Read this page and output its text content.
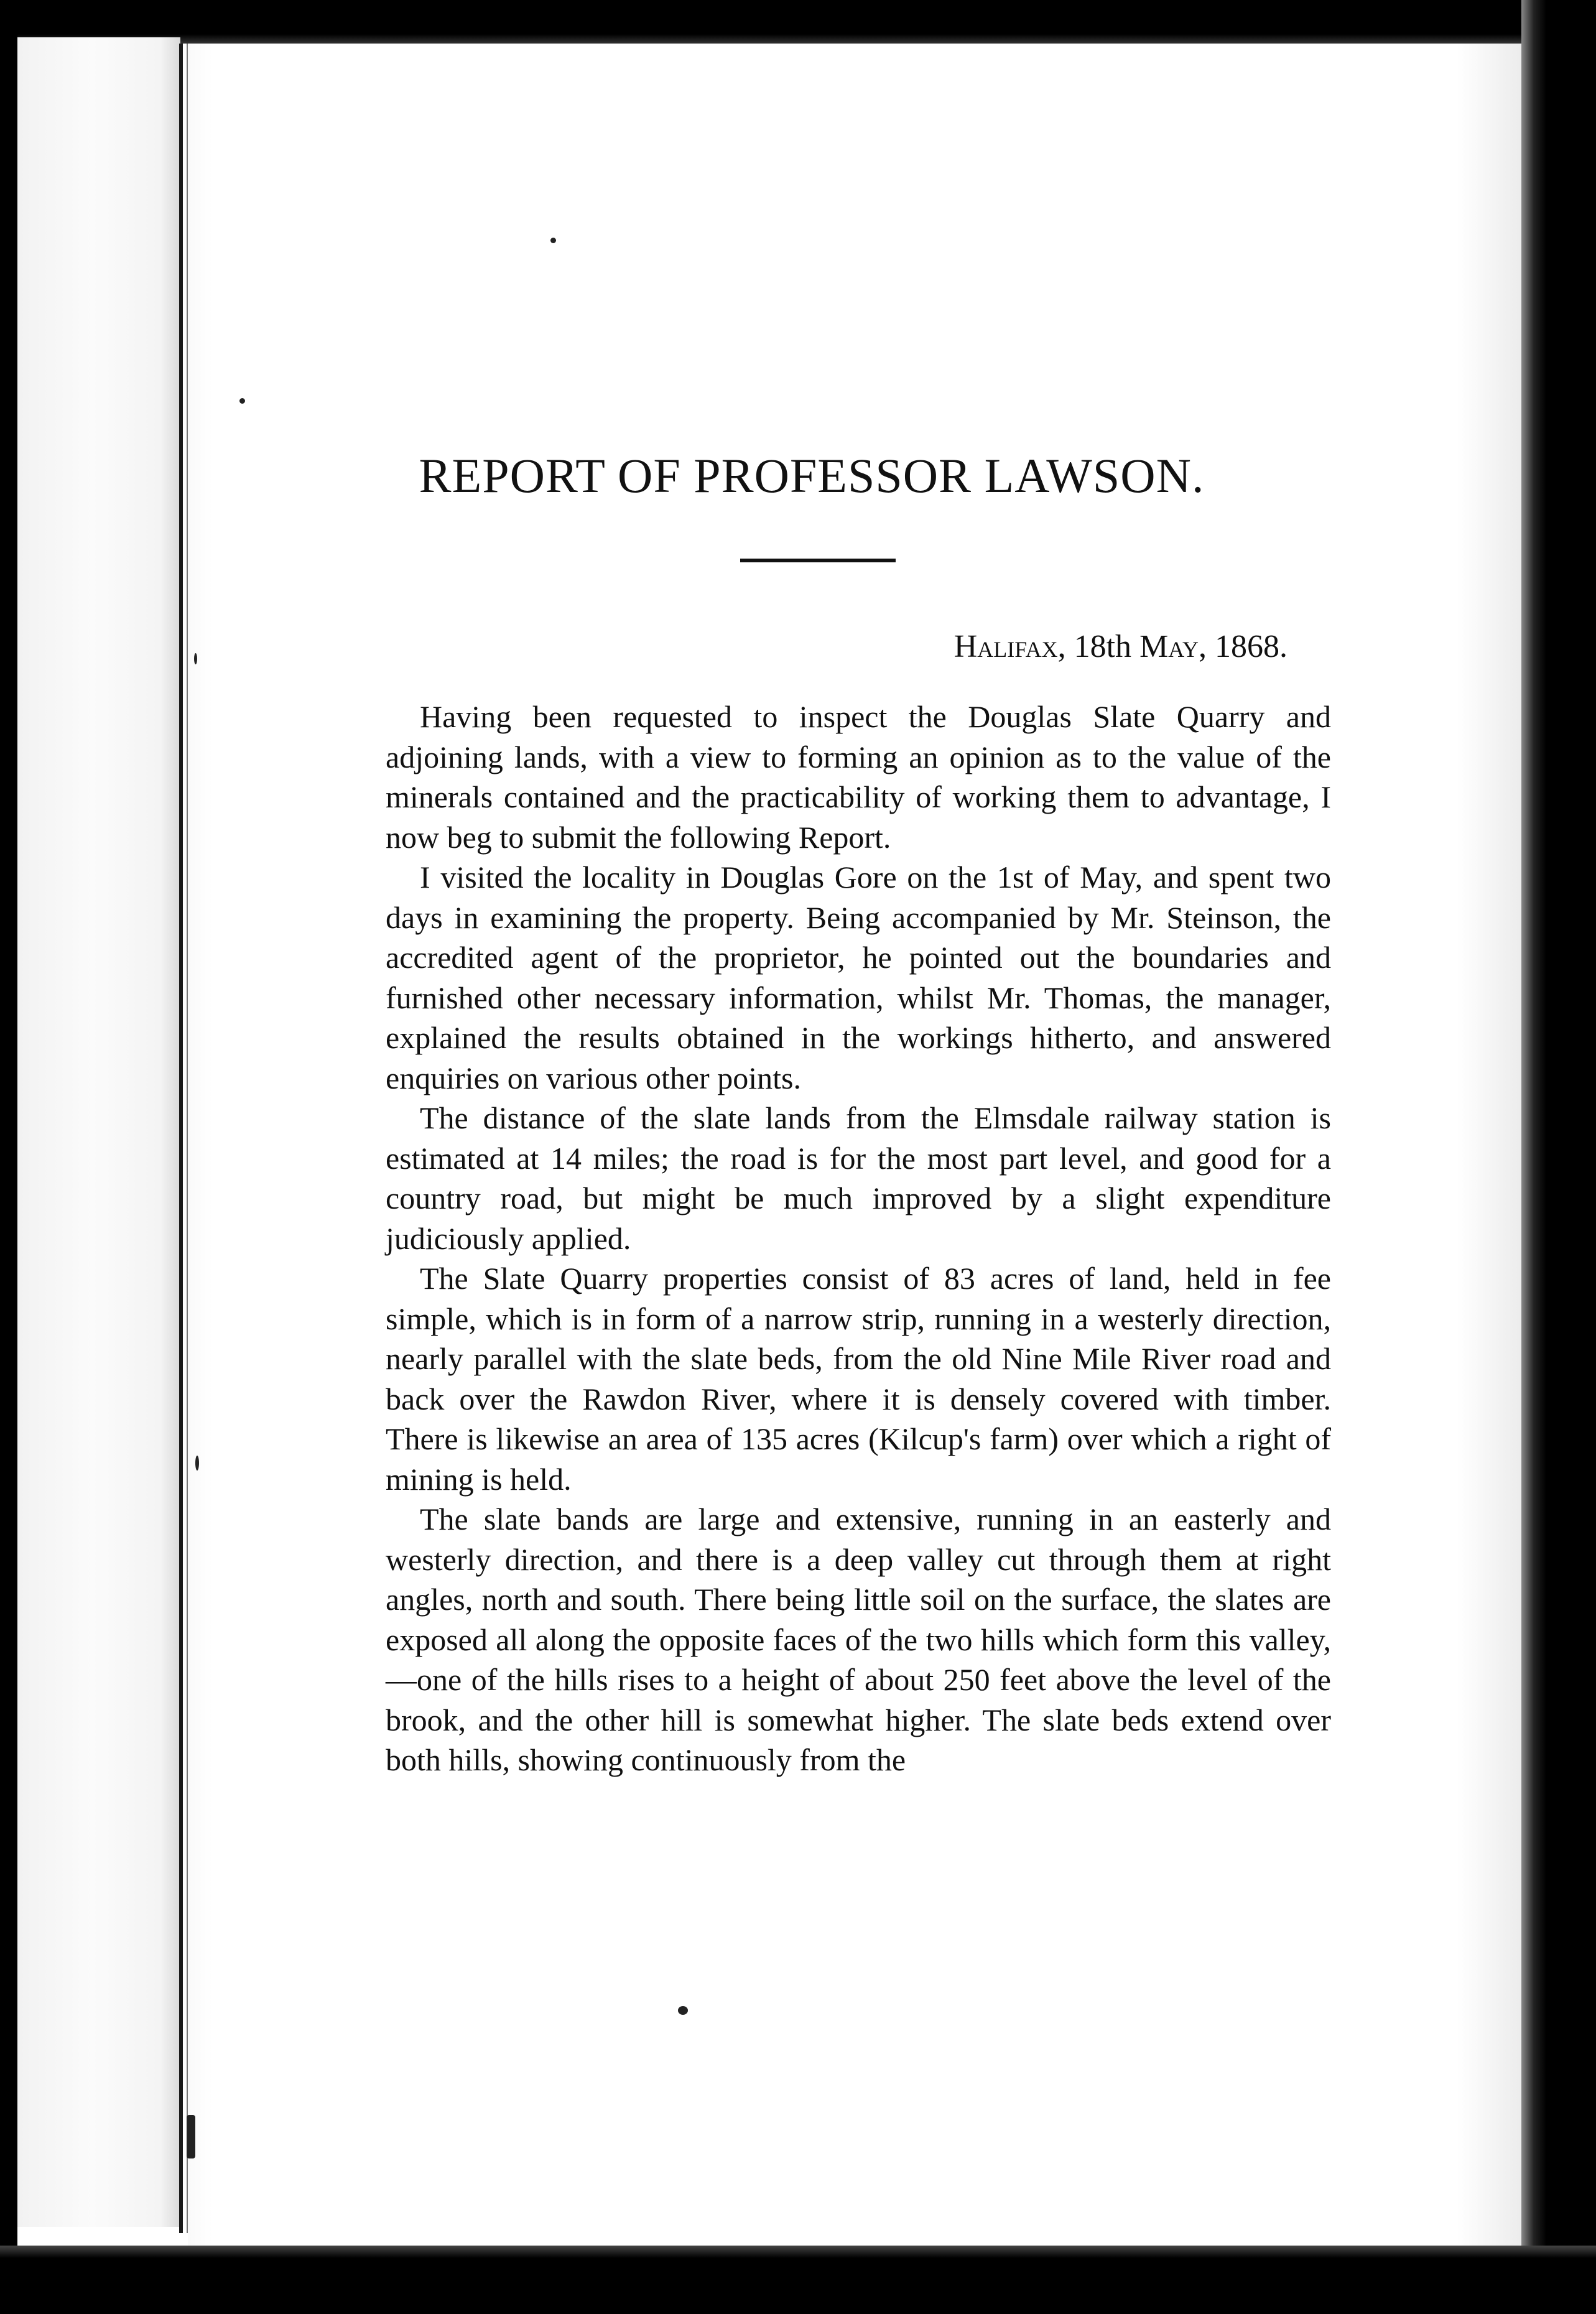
REPORT OF PROFESSOR LAWSON.
Halifax, 18th May, 1868.

Having been requested to inspect the Douglas Slate Quarry and adjoining lands, with a view to forming an opinion as to the value of the minerals contained and the practicability of working them to advantage, I now beg to submit the following Report.

I visited the locality in Douglas Gore on the 1st of May, and spent two days in examining the property. Being accompanied by Mr. Steinson, the accredited agent of the proprietor, he pointed out the boundaries and furnished other necessary information, whilst Mr. Thomas, the manager, explained the results obtained in the workings hitherto, and answered enquiries on various other points.

The distance of the slate lands from the Elmsdale railway station is estimated at 14 miles; the road is for the most part level, and good for a country road, but might be much improved by a slight expenditure judiciously applied.

The Slate Quarry properties consist of 83 acres of land, held in fee simple, which is in form of a narrow strip, running in a westerly direction, nearly parallel with the slate beds, from the old Nine Mile River road and back over the Rawdon River, where it is densely covered with timber. There is likewise an area of 135 acres (Kilcup's farm) over which a right of mining is held.

The slate bands are large and extensive, running in an easterly and westerly direction, and there is a deep valley cut through them at right angles, north and south. There being little soil on the surface, the slates are exposed all along the opposite faces of the two hills which form this valley,—one of the hills rises to a height of about 250 feet above the level of the brook, and the other hill is somewhat higher. The slate beds extend over both hills, showing continuously from the
